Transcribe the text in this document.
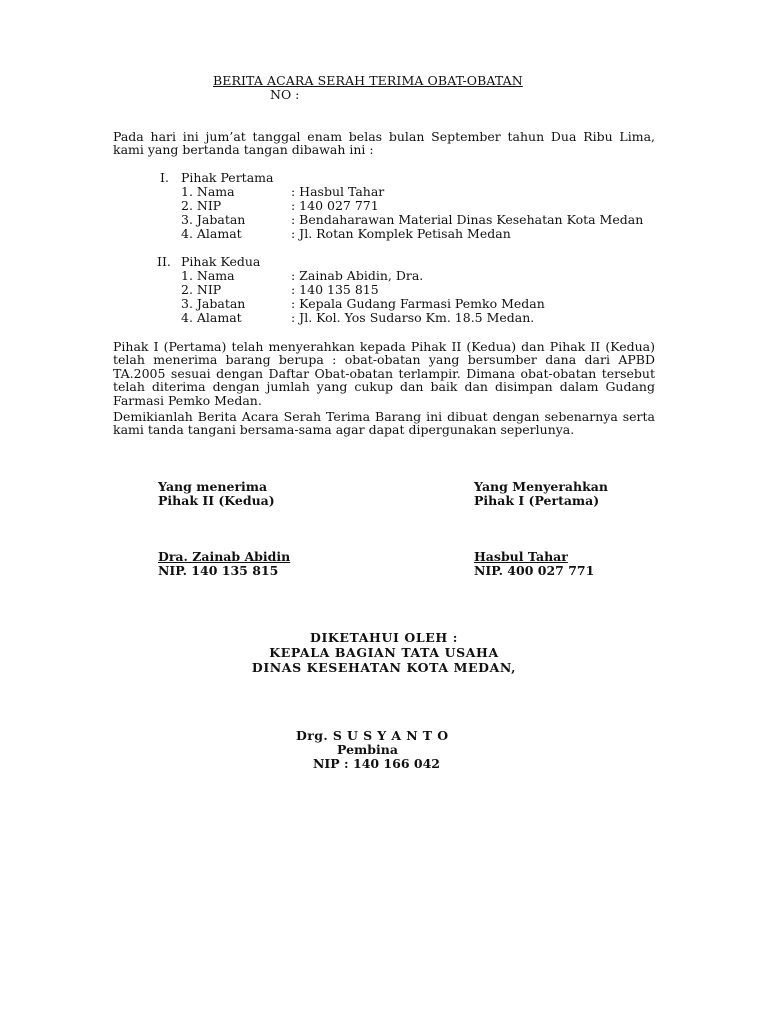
BERITA ACARA SERAH TERIMA OBAT-OBATAN
NO :
Pada hari ini jum’at tanggal enam belas bulan September tahun Dua Ribu Lima, kami yang bertanda tangan dibawah ini :
I. Pihak Pertama
1. Nama	: Hasbul Tahar
2. NIP	: 140 027 771
3. Jabatan	: Bendaharawan Material Dinas Kesehatan Kota Medan
4. Alamat	: Jl. Rotan Komplek Petisah Medan
II. Pihak Kedua
1. Nama	: Zainab Abidin, Dra.
2. NIP	: 140 135 815
3. Jabatan	: Kepala Gudang Farmasi Pemko Medan
4. Alamat	: Jl. Kol. Yos Sudarso Km. 18.5 Medan.
Pihak I (Pertama) telah menyerahkan kepada Pihak II (Kedua) dan Pihak II (Kedua) telah menerima barang berupa : obat-obatan yang bersumber dana dari APBD TA.2005 sesuai dengan Daftar Obat-obatan terlampir. Dimana obat-obatan tersebut telah diterima dengan jumlah yang cukup dan baik dan disimpan dalam Gudang Farmasi Pemko Medan.
Demikianlah Berita Acara Serah Terima Barang ini dibuat dengan sebenarnya serta kami tanda tangani bersama-sama agar dapat dipergunakan seperlunya.
Yang menerima
Pihak II (Kedua)
Dra. Zainab Abidin
NIP. 140 135 815
Yang Menyerahkan
Pihak I (Pertama)
Hasbul Tahar
NIP. 400 027 771
DIKETAHUI OLEH :
KEPALA BAGIAN TATA USAHA
DINAS KESEHATAN KOTA MEDAN,
Drg. S U S Y A N T O
Pembina
NIP : 140 166 042
